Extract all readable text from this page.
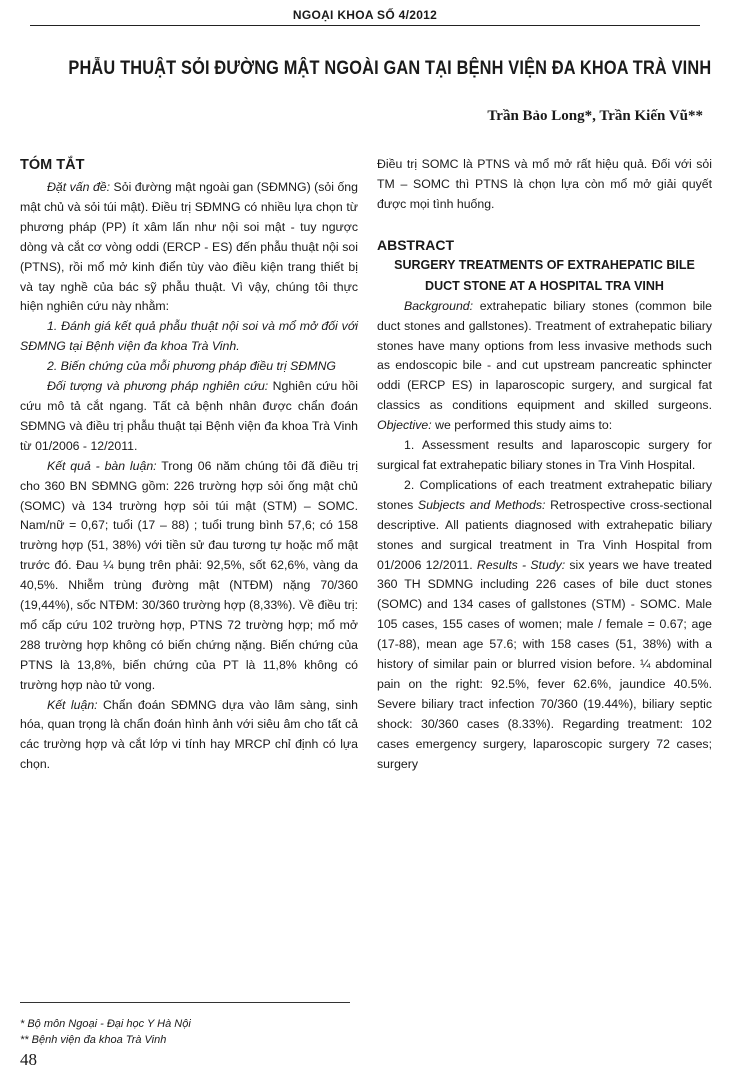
NGOẠI KHOA SỐ 4/2012
PHẪU THUẬT SỎI ĐƯỜNG MẬT NGOÀI GAN TẠI BỆNH VIỆN ĐA KHOA TRÀ VINH
Trần Bảo Long*, Trần Kiến Vũ**
TÓM TẮT

Đặt vấn đề: Sỏi đường mật ngoài gan (SĐMNG) (sỏi ống mật chủ và sỏi túi mật). Điều trị SĐMNG có nhiều lựa chọn từ phương pháp (PP) ít xâm lấn như nội soi mật - tuy ngược dòng và cắt cơ vòng oddi (ERCP - ES) đến phẫu thuật nội soi (PTNS), rồi mổ mở kinh điển tùy vào điều kiện trang thiết bị và tay nghề của bác sỹ phẫu thuật. Vì vậy, chúng tôi thực hiện nghiên cứu này nhằm:

1. Đánh giá kết quả phẫu thuật nội soi và mổ mở đối với SĐMNG tại Bệnh viện đa khoa Trà Vinh.

2. Biến chứng của mỗi phương pháp điều trị SĐMNG

Đối tượng và phương pháp nghiên cứu: Nghiên cứu hồi cứu mô tả cắt ngang. Tất cả bệnh nhân được chẩn đoán SĐMNG và điều trị phẫu thuật tại Bệnh viện đa khoa Trà Vinh từ 01/2006 - 12/2011.

Kết quả - bàn luận: Trong 06 năm chúng tôi đã điều trị cho 360 BN SĐMNG gồm: 226 trường hợp sỏi ống mật chủ (SOMC) và 134 trường hợp sỏi túi mật (STM) – SOMC. Nam/nữ = 0,67; tuổi (17 – 88) ; tuổi trung bình 57,6; có 158 trường hợp (51, 38%) với tiền sử đau tương tự hoặc mổ mật trước đó. Đau ¼ bụng trên phải: 92,5%, sốt 62,6%, vàng da 40,5%. Nhiễm trùng đường mật (NTĐM) nặng 70/360 (19,44%), sốc NTĐM: 30/360 trường hợp (8,33%). Về điều trị: mổ cấp cứu 102 trường hợp, PTNS 72 trường hợp; mổ mở 288 trường hợp không có biến chứng nặng. Biến chứng của PTNS là 13,8%, biến chứng của PT là 11,8% không có trường hợp nào tử vong.

Kết luận: Chẩn đoán SĐMNG dựa vào lâm sàng, sinh hóa, quan trọng là chẩn đoán hình ảnh với siêu âm cho tất cả các trường hợp và cắt lớp vi tính hay MRCP chỉ định có lựa chọn.

Điều trị SOMC là PTNS và mổ mở rất hiệu quả. Đối với sỏi TM – SOMC thì PTNS là chọn lựa còn mổ mở giải quyết được mọi tình huống.

ABSTRACT
SURGERY TREATMENTS OF EXTRAHEPATIC BILE DUCT STONE AT A HOSPITAL TRA VINH

Background: extrahepatic biliary stones (common bile duct stones and gallstones). Treatment of extrahepatic biliary stones have many options from less invasive methods such as endoscopic bile - and cut upstream pancreatic sphincter oddi (ERCP ES) in laparoscopic surgery, and surgical fat classics as conditions equipment and skilled surgeons. Objective: we performed this study aims to:

1. Assessment results and laparoscopic surgery for surgical fat extrahepatic biliary stones in Tra Vinh Hospital.

2. Complications of each treatment extrahepatic biliary stones Subjects and Methods: Retrospective cross-sectional descriptive. All patients diagnosed with extrahepatic biliary stones and surgical treatment in Tra Vinh Hospital from 01/2006 12/2011. Results - Study: six years we have treated 360 TH SDMNG including 226 cases of bile duct stones (SOMC) and 134 cases of gallstones (STM) - SOMC. Male 105 cases, 155 cases of women; male / female = 0.67; age (17-88), mean age 57.6; with 158 cases (51, 38%) with a history of similar pain or blurred vision before. ¼ abdominal pain on the right: 92.5%, fever 62.6%, jaundice 40.5%. Severe biliary tract infection 70/360 (19.44%), biliary septic shock: 30/360 cases (8.33%). Regarding treatment: 102 cases emergency surgery, laparoscopic surgery 72 cases; surgery

* Bộ môn Ngoại - Đại học Y Hà Nội
** Bệnh viện đa khoa Trà Vinh
48
